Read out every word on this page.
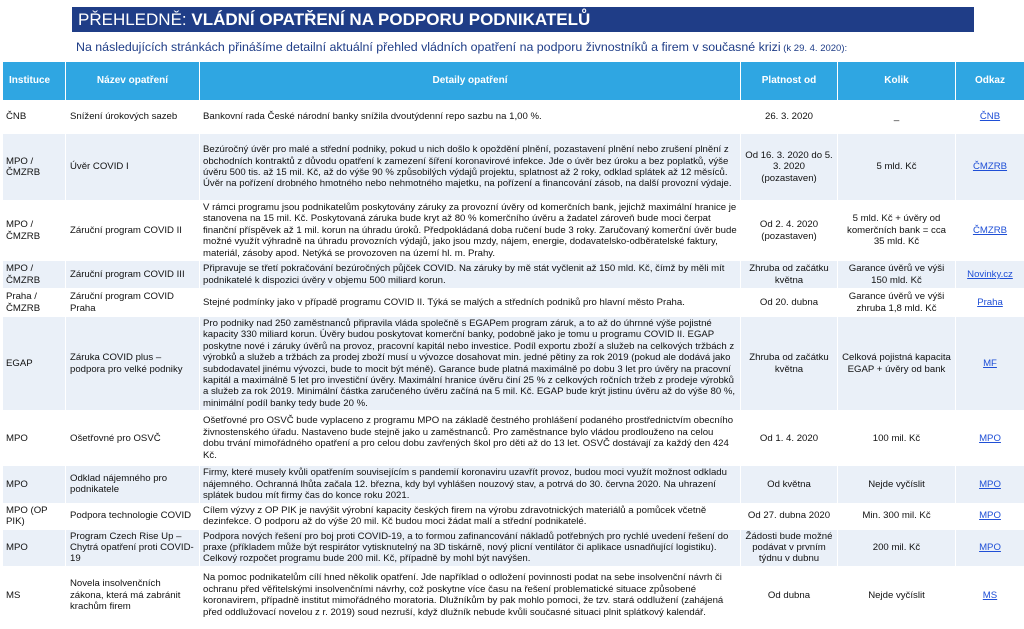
PŘEHLEDNĚ: VLÁDNÍ OPATŘENÍ NA PODPORU PODNIKATELŮ
Na následujících stránkách přinášíme detailní aktuální přehled vládních opatření na podporu živnostníků a firem v současné krizi (k 29. 4. 2020):
Instituce	Název opatření	Detaily opatření	Platnost od	Kolik	Odkaz
ČNB	Snížení úrokových sazeb	Bankovní rada České národní banky snížila dvoutýdenní repo sazbu na 1,00 %.	26. 3. 2020	_	ČNB
MPO / ČMZRB	Úvěr COVID I	Bezúročný úvěr pro malé a střední podniky, pokud u nich došlo k opoždění plnění, pozastavení plnění nebo zrušení plnění z obchodních kontraktů z důvodu opatření k zamezení šíření koronavirové infekce. Jde o úvěr bez úroku a bez poplatků, výše úvěru 500 tis. až 15 mil. Kč, až do výše 90 % způsobilých výdajů projektu, splatnost až 2 roky, odklad splátek až 12 měsíců. Úvěr na pořízení drobného hmotného nebo nehmotného majetku, na pořízení a financování zásob, na další provozní výdaje.	Od 16. 3. 2020 do 5. 3. 2020 (pozastaven)	5 mld. Kč	ČMZRB
MPO / ČMZRB	Záruční program COVID II	V rámci programu jsou podnikatelům poskytovány záruky za provozní úvěry od komerčních bank, jejichž maximální hranice je stanovena na 15 mil. Kč. Poskytovaná záruka bude kryt až 80 % komerčního úvěru a žadatel zároveň bude moci čerpat finanční příspěvek až 1 mil. korun na úhradu úroků. Předpokládaná doba ručení bude 3 roky. Zaručovaný komerční úvěr bude možné využít výhradně na úhradu provozních výdajů, jako jsou mzdy, nájem, energie, dodavatelsko-odběratelské faktury, materiál, zásoby apod. Netýká se provozoven na území hl. m. Prahy.	Od 2. 4. 2020 (pozastaven)	5 mld. Kč + úvěry od komerčních bank = cca 35 mld. Kč	ČMZRB
MPO / ČMZRB	Záruční program COVID III	Připravuje se třetí pokračování bezúročných půjček COVID. Na záruky by mě stát vyčlenit až 150 mld. Kč, čímž by měli mít podnikatelé k dispozici úvěry v objemu 500 miliard korun.	Zhruba od začátku května	Garance úvěrů ve výši 150 mld. Kč	Novinky.cz
Praha / ČMZRB	Záruční program COVID Praha	Stejné podmínky jako v případě programu COVID II. Týká se malých a středních podniků pro hlavní město Praha.	Od 20. dubna	Garance úvěrů ve výši zhruba 1,8 mld. Kč	Praha
EGAP	Záruka COVID plus – podpora pro velké podniky	Pro podniky nad 250 zaměstnanců připravila vláda společně s EGAPem program záruk, a to až do úhrnné výše pojistné kapacity 330 miliard korun. Úvěry budou poskytovat komerční banky, podobně jako je tomu u programu COVID II. EGAP poskytne nové i záruky úvěrů na provoz, pracovní kapitál nebo investice. Podíl exportu zboží a služeb na celkových tržbách z výrobků a služeb a tržbách za prodej zboží musí u vývozce dosahovat min. jedné pětiny za rok 2019 (pokud ale dodává jako subdodavatel jinému vývozci, bude to mocit být méně). Garance bude platná maximálně po dobu 3 let pro úvěry na pracovní kapitál a maximálně 5 let pro investiční úvěry. Maximální hranice úvěru činí 25 % z celkových ročních tržeb z prodeje výrobků a služeb za rok 2019. Minimální částka zaručeného úvěru začíná na 5 mil. Kč. EGAP bude krýt jistinu úvěru až do výše 80 %, minimální podíl banky tedy bude 20 %.	Zhruba od začátku května	Celková pojistná kapacita EGAP + úvěry od bank	MF
MPO	Ošetřovné pro OSVČ	Ošetřovné pro OSVČ bude vyplaceno z programu MPO na základě čestného prohlášení podaného prostřednictvím obecního živnostenského úřadu. Nastaveno bude stejně jako u zaměstnanců. Pro zaměstnance bylo vládou prodlouženo na celou dobu trvání mimořádného opatření a pro celou dobu zavřených škol pro děti až do 13 let. OSVČ dostávají za každý den 424 Kč.	Od 1. 4. 2020	100 mil. Kč	MPO
MPO	Odklad nájemného pro podnikatele	Firmy, které musely kvůli opatřením souvisejícím s pandemií koronaviru uzavřít provoz, budou moci využít možnost odkladu nájemného. Ochranná lhůta začala 12. března, kdy byl vyhlášen nouzový stav, a potrvá do 30. června 2020. Na uhrazení splátek budou mít firmy čas do konce roku 2021.	Od května	Nejde vyčíslit	MPO
MPO (OP PIK)	Podpora technologie COVID	Cílem výzvy z OP PIK je navýšit výrobní kapacity českých firem na výrobu zdravotnických materiálů a pomůcek včetně dezinfekce. O podporu až do výše 20 mil. Kč budou moci žádat malí a střední podnikatelé.	Od 27. dubna 2020	Min. 300 mil. Kč	MPO
MPO	Program Czech Rise Up – Chytrá opatření proti COVID-19	Podpora nových řešení pro boj proti COVID-19, a to formou zafinancování nákladů potřebných pro rychlé uvedení řešení do praxe (příkladem může být respirátor vytisknutelný na 3D tiskárně, nový plicní ventilátor či aplikace usnadňující logistiku). Celkový rozpočet programu bude 200 mil. Kč, případně by mohl být navýšen.	Žádosti bude možné podávat v prvním týdnu v dubnu	200 mil. Kč	MPO
MS	Novela insolvenčních zákona, která má zabránit krachům firem	Na pomoc podnikatelům cílí hned několik opatření. Jde například o odložení povinnosti podat na sebe insolvenční návrh či ochranu před věřitelskými insolvenčními návrhy, což poskytne více času na řešení problematické situace způsobené koronavirem, případně institut mimořádného moratoria. Dlužníkům by pak mohlo pomoci, že tzv. stará oddlužení (zahájená před oddlužovací novelou z r. 2019) soud nezruší, když dlužník nebude kvůli současné situaci plnit splátkový kalendář.	Od dubna	Nejde vyčíslit	MS
